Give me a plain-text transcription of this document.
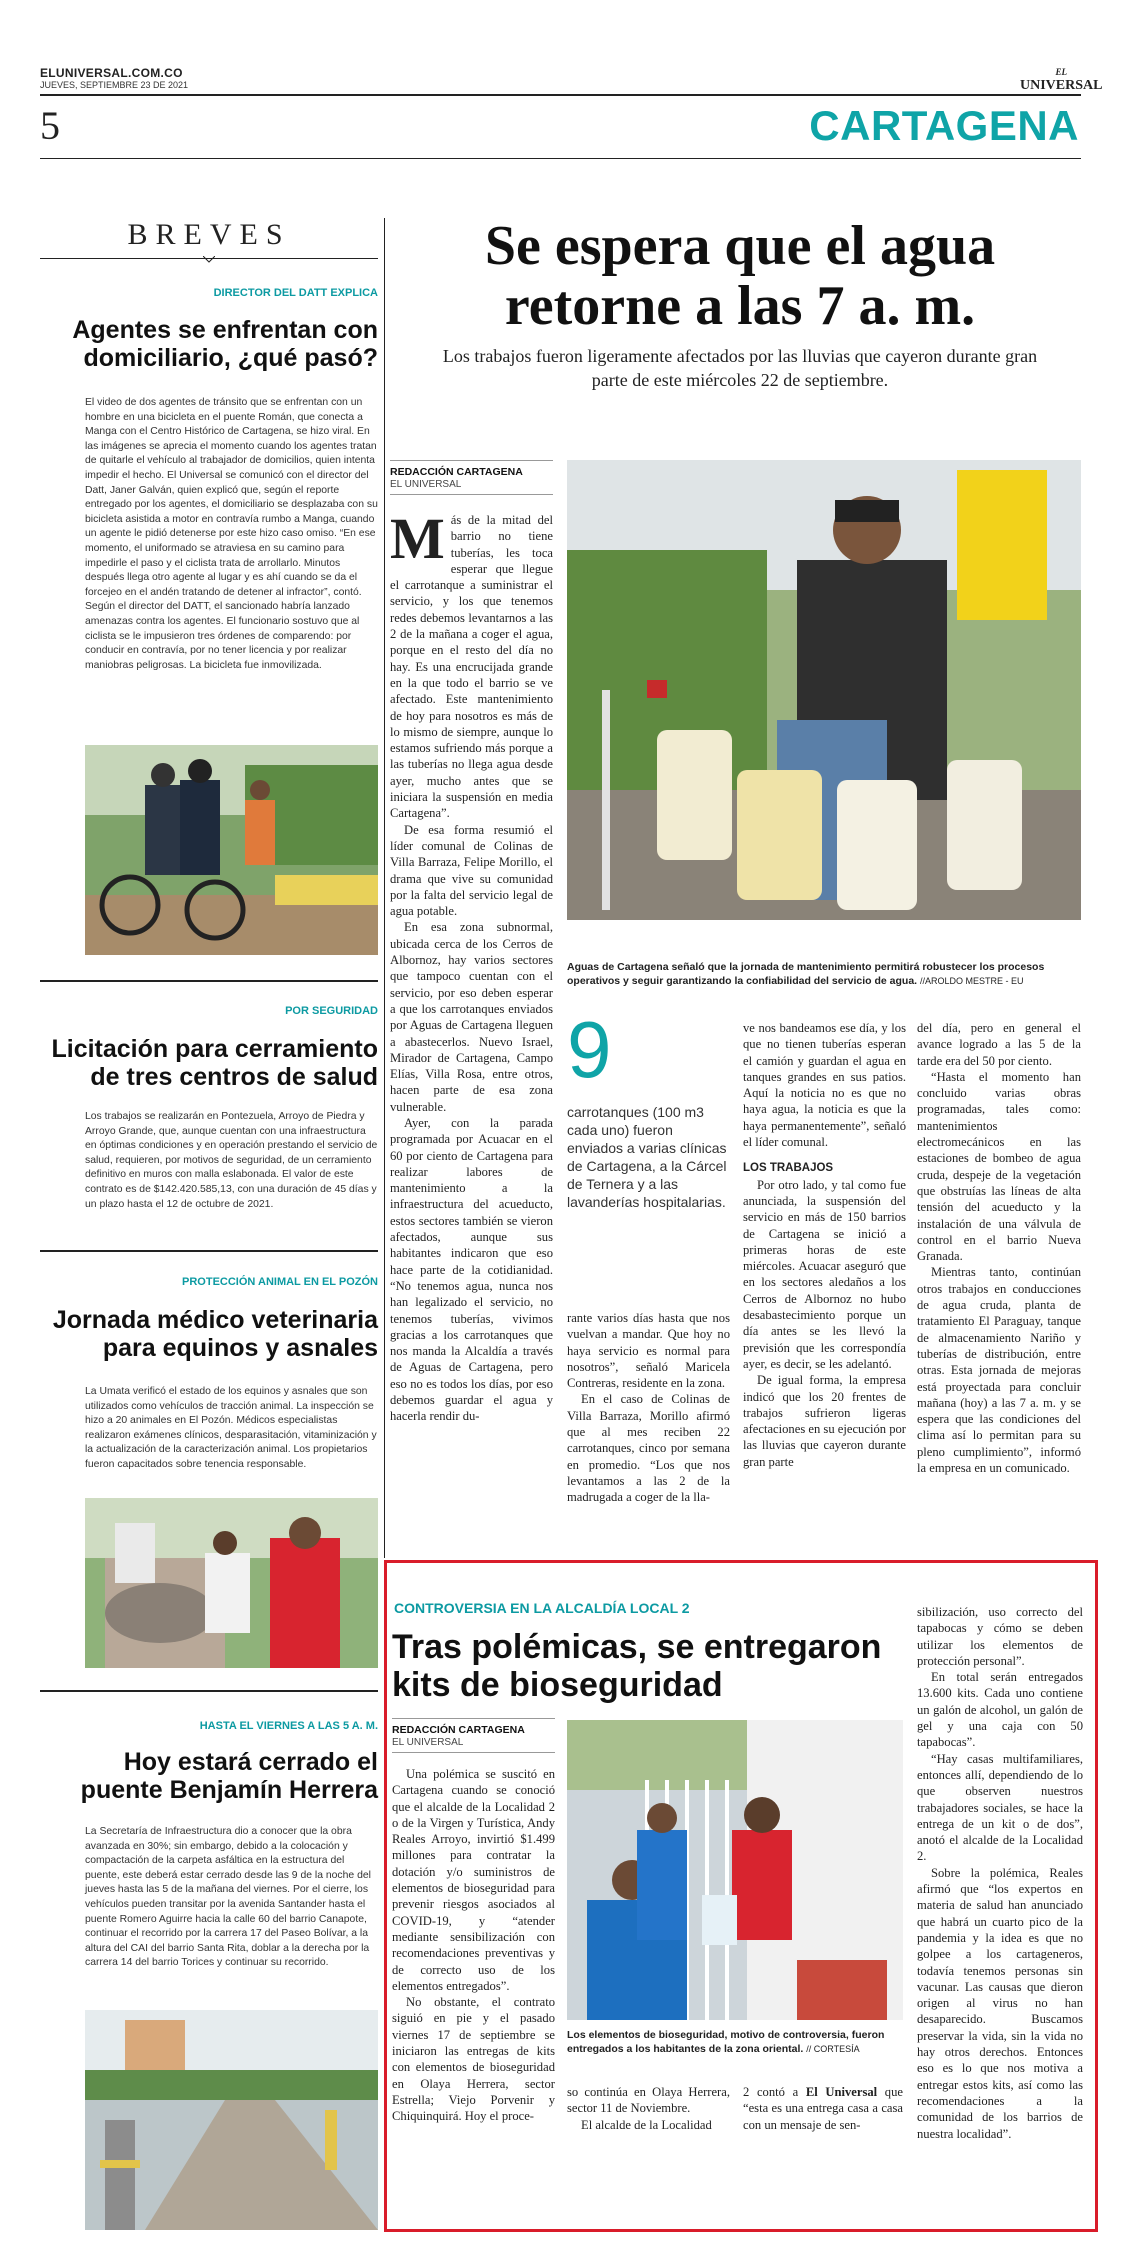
ELUNIVERSAL.COM.CO
JUEVES, SEPTIEMBRE 23 DE 2021
EL
UNIVERSAL
5	CARTAGENA
BREVES
DIRECTOR DEL DATT EXPLICA
Agentes se enfrentan con domiciliario, ¿qué pasó?
El video de dos agentes de tránsito que se enfrentan con un hombre en una bicicleta en el puente Román, que conecta a Manga con el Centro Histórico de Cartagena, se hizo viral. En las imágenes se aprecia el momento cuando los agentes tratan de quitarle el vehículo al trabajador de domicilios, quien intenta impedir el hecho. El Universal se comunicó con el director del Datt, Janer Galván, quien explicó que, según el reporte entregado por los agentes, el domiciliario se desplazaba con su bicicleta asistida a motor en contravía rumbo a Manga, cuando un agente le pidió detenerse por este hizo caso omiso. “En ese momento, el uniformado se atraviesa en su camino para impedirle el paso y el ciclista trata de arrollarlo. Minutos después llega otro agente al lugar y es ahí cuando se da el forcejeo en el andén tratando de detener al infractor”, contó. Según el director del DATT, el sancionado habría lanzado amenazas contra los agentes. El funcionario sostuvo que al ciclista se le impusieron tres órdenes de comparendo: por conducir en contravía, por no tener licencia y por realizar maniobras peligrosas. La bicicleta fue inmovilizada.
POR SEGURIDAD
Licitación para cerramiento de tres centros de salud
Los trabajos se realizarán en Pontezuela, Arroyo de Piedra y Arroyo Grande, que, aunque cuentan con una infraestructura en óptimas condiciones y en operación prestando el servicio de salud, requieren, por motivos de seguridad, de un cerramiento definitivo en muros con malla eslabonada. El valor de este contrato es de $142.420.585,13, con una duración de 45 días y un plazo hasta el 12 de octubre de 2021.
PROTECCIÓN ANIMAL EN EL POZÓN
Jornada médico veterinaria para equinos y asnales
La Umata verificó el estado de los equinos y asnales que son utilizados como vehículos de tracción animal. La inspección se hizo a 20 animales en El Pozón. Médicos especialistas realizaron exámenes clínicos, desparasitación, vitaminización y la actualización de la caracterización animal. Los propietarios fueron capacitados sobre tenencia responsable.
HASTA EL VIERNES A LAS 5 A. M.
Hoy estará cerrado el puente Benjamín Herrera
La Secretaría de Infraestructura dio a conocer que la obra avanzada en 30%; sin embargo, debido a la colocación y compactación de la carpeta asfáltica en la estructura del puente, este deberá estar cerrado desde las 9 de la noche del jueves hasta las 5 de la mañana del viernes. Por el cierre, los vehículos pueden transitar por la avenida Santander hasta el puente Romero Aguirre hacia la calle 60 del barrio Canapote, continuar el recorrido por la carrera 17 del Paseo Bolívar, a la altura del CAI del barrio Santa Rita, doblar a la derecha por la carrera 14 del barrio Torices y continuar su recorrido.
Se espera que el agua retorne a las 7 a. m.
Los trabajos fueron ligeramente afectados por las lluvias que cayeron durante gran parte de este miércoles 22 de septiembre.
REDACCIÓN CARTAGENA
EL UNIVERSAL
M ás de la mitad del barrio no tiene tuberías, les toca esperar que llegue el carrotanque a suministrar el servicio, y los que tenemos redes debemos levantarnos a las 2 de la mañana a coger el agua, porque en el resto del día no hay. Es una encrucijada grande en la que todo el barrio se ve afectado. Este mantenimiento de hoy para nosotros es más de lo mismo de siempre, aunque lo estamos sufriendo más porque a las tuberías no llega agua desde ayer, mucho antes que se iniciara la suspensión en media Cartagena”.

De esa forma resumió el líder comunal de Colinas de Villa Barraza, Felipe Morillo, el drama que vive su comunidad por la falta del servicio legal de agua potable.

En esa zona subnormal, ubicada cerca de los Cerros de Albornoz, hay varios sectores que tampoco cuentan con el servicio, por eso deben esperar a que los carrotanques enviados por Aguas de Cartagena lleguen a abastecerlos. Nuevo Israel, Mirador de Cartagena, Campo Elías, Villa Rosa, entre otros, hacen parte de esa zona vulnerable.

Ayer, con la parada programada por Acuacar en el 60 por ciento de Cartagena para realizar labores de mantenimiento a la infraestructura del acueducto, estos sectores también se vieron afectados, aunque sus habitantes indicaron que eso hace parte de la cotidianidad. “No tenemos agua, nunca nos han legalizado el servicio, no tenemos tuberías, vivimos gracias a los carrotanques que nos manda la Alcaldía a través de Aguas de Cartagena, pero eso no es todos los días, por eso debemos guardar el agua y hacerla rendir du-

Aguas de Cartagena señaló que la jornada de mantenimiento permitirá robustecer los procesos operativos y seguir garantizando la confiabilidad del servicio de agua. //AROLDO MESTRE - EU
9
carrotanques (100 m3 cada uno) fueron enviados a varias clínicas de Cartagena, a la Cárcel de Ternera y a las lavanderías hospitalarias.

rante varios días hasta que nos vuelvan a mandar. Que hoy no haya servicio es normal para nosotros”, señaló Maricela Contreras, residente en la zona.

En el caso de Colinas de Villa Barraza, Morillo afirmó que al mes reciben 22 carrotanques, cinco por semana en promedio. “Los que nos levantamos a las 2 de la madrugada a coger de la lla-

ve nos bandeamos ese día, y los que no tienen tuberías esperan el camión y guardan el agua en tanques grandes en sus patios. Aquí la noticia no es que no haya agua, la noticia es que la haya permanentemente”, señaló el líder comunal.

LOS TRABAJOS

Por otro lado, y tal como fue anunciada, la suspensión del servicio en más de 150 barrios de Cartagena se inició a primeras horas de este miércoles. Acuacar aseguró que en los sectores aledaños a los Cerros de Albornoz no hubo desabastecimiento porque un día antes se les llevó la previsión que les correspondía ayer, es decir, se les adelantó.

De igual forma, la empresa indicó que los 20 frentes de trabajos sufrieron ligeras afectaciones en su ejecución por las lluvias que cayeron durante gran parte

del día, pero en general el avance logrado a las 5 de la tarde era del 50 por ciento.

“Hasta el momento han concluido varias obras programadas, tales como: mantenimientos electromecánicos en las estaciones de bombeo de agua cruda, despeje de la vegetación que obstruías las líneas de alta tensión del acueducto y la instalación de una válvula de control en el barrio Nueva Granada.

Mientras tanto, continúan otros trabajos en conducciones de agua cruda, planta de tratamiento El Paraguay, tanque de almacenamiento Nariño y tuberías de distribución, entre otras. Esta jornada de mejoras está proyectada para concluir mañana (hoy) a las 7 a. m. y se espera que las condiciones del clima así lo permitan para su pleno cumplimiento”, informó la empresa en un comunicado.

CONTROVERSIA EN LA ALCALDÍA LOCAL 2
Tras polémicas, se entregaron kits de bioseguridad
REDACCIÓN CARTAGENA
EL UNIVERSAL

Una polémica se suscitó en Cartagena cuando se conoció que el alcalde de la Localidad 2 o de la Virgen y Turística, Andy Reales Arroyo, invirtió $1.499 millones para contratar la dotación y/o suministros de elementos de bioseguridad para prevenir riesgos asociados al COVID-19, y “atender mediante sensibilización con recomendaciones preventivas y de correcto uso de los elementos entregados”.

No obstante, el contrato siguió en pie y el pasado viernes 17 de septiembre se iniciaron las entregas de kits con elementos de bioseguridad en Olaya Herrera, sector Estrella; Viejo Porvenir y Chiquinquirá. Hoy el proce-

Los elementos de bioseguridad, motivo de controversia, fueron entregados a los habitantes de la zona oriental. // CORTESÍA

so continúa en Olaya Herrera, sector 11 de Noviembre.

El alcalde de la Localidad

2 contó a El Universal que “esta es una entrega casa a casa con un mensaje de sen-

sibilización, uso correcto del tapabocas y cómo se deben utilizar los elementos de protección personal”.

En total serán entregados 13.600 kits. Cada uno contiene un galón de alcohol, un galón de gel y una caja con 50 tapabocas”.

“Hay casas multifamiliares, entonces allí, dependiendo de lo que observen nuestros trabajadores sociales, se hace la entrega de un kit o de dos”, anotó el alcalde de la Localidad 2.

Sobre la polémica, Reales afirmó que “los expertos en materia de salud han anunciado que habrá un cuarto pico de la pandemia y la idea es que no golpee a los cartageneros, todavía tenemos personas sin vacunar. Las causas que dieron origen al virus no han desaparecido. Buscamos preservar la vida, sin la vida no hay otros derechos. Entonces eso es lo que nos motiva a entregar estos kits, así como las recomendaciones a la comunidad de los barrios de nuestra localidad”.
